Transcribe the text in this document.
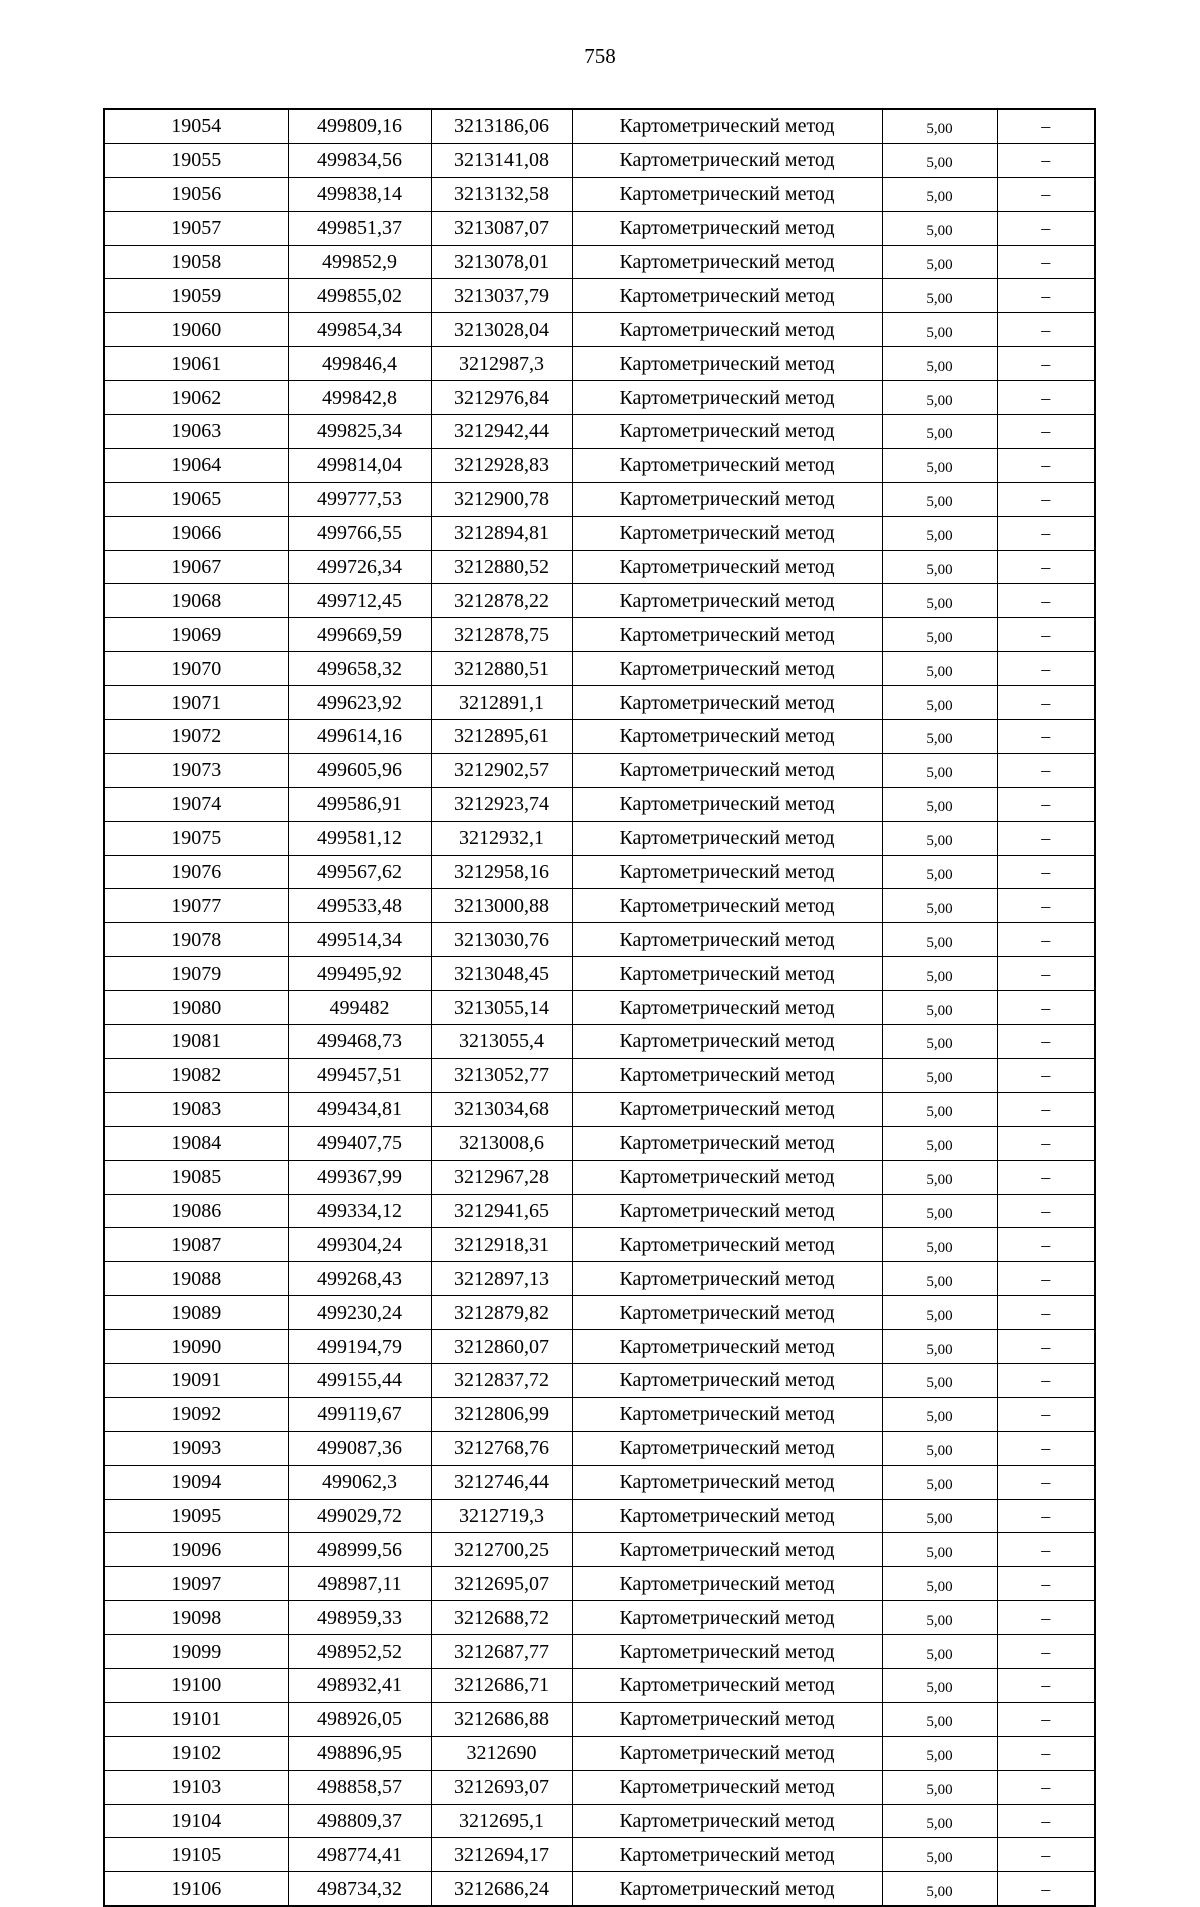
758
19054	499809,16	3213186,06	Картометрический метод	5,00	–
19055	499834,56	3213141,08	Картометрический метод	5,00	–
19056	499838,14	3213132,58	Картометрический метод	5,00	–
19057	499851,37	3213087,07	Картометрический метод	5,00	–
19058	499852,9	3213078,01	Картометрический метод	5,00	–
19059	499855,02	3213037,79	Картометрический метод	5,00	–
19060	499854,34	3213028,04	Картометрический метод	5,00	–
19061	499846,4	3212987,3	Картометрический метод	5,00	–
19062	499842,8	3212976,84	Картометрический метод	5,00	–
19063	499825,34	3212942,44	Картометрический метод	5,00	–
19064	499814,04	3212928,83	Картометрический метод	5,00	–
19065	499777,53	3212900,78	Картометрический метод	5,00	–
19066	499766,55	3212894,81	Картометрический метод	5,00	–
19067	499726,34	3212880,52	Картометрический метод	5,00	–
19068	499712,45	3212878,22	Картометрический метод	5,00	–
19069	499669,59	3212878,75	Картометрический метод	5,00	–
19070	499658,32	3212880,51	Картометрический метод	5,00	–
19071	499623,92	3212891,1	Картометрический метод	5,00	–
19072	499614,16	3212895,61	Картометрический метод	5,00	–
19073	499605,96	3212902,57	Картометрический метод	5,00	–
19074	499586,91	3212923,74	Картометрический метод	5,00	–
19075	499581,12	3212932,1	Картометрический метод	5,00	–
19076	499567,62	3212958,16	Картометрический метод	5,00	–
19077	499533,48	3213000,88	Картометрический метод	5,00	–
19078	499514,34	3213030,76	Картометрический метод	5,00	–
19079	499495,92	3213048,45	Картометрический метод	5,00	–
19080	499482	3213055,14	Картометрический метод	5,00	–
19081	499468,73	3213055,4	Картометрический метод	5,00	–
19082	499457,51	3213052,77	Картометрический метод	5,00	–
19083	499434,81	3213034,68	Картометрический метод	5,00	–
19084	499407,75	3213008,6	Картометрический метод	5,00	–
19085	499367,99	3212967,28	Картометрический метод	5,00	–
19086	499334,12	3212941,65	Картометрический метод	5,00	–
19087	499304,24	3212918,31	Картометрический метод	5,00	–
19088	499268,43	3212897,13	Картометрический метод	5,00	–
19089	499230,24	3212879,82	Картометрический метод	5,00	–
19090	499194,79	3212860,07	Картометрический метод	5,00	–
19091	499155,44	3212837,72	Картометрический метод	5,00	–
19092	499119,67	3212806,99	Картометрический метод	5,00	–
19093	499087,36	3212768,76	Картометрический метод	5,00	–
19094	499062,3	3212746,44	Картометрический метод	5,00	–
19095	499029,72	3212719,3	Картометрический метод	5,00	–
19096	498999,56	3212700,25	Картометрический метод	5,00	–
19097	498987,11	3212695,07	Картометрический метод	5,00	–
19098	498959,33	3212688,72	Картометрический метод	5,00	–
19099	498952,52	3212687,77	Картометрический метод	5,00	–
19100	498932,41	3212686,71	Картометрический метод	5,00	–
19101	498926,05	3212686,88	Картометрический метод	5,00	–
19102	498896,95	3212690	Картометрический метод	5,00	–
19103	498858,57	3212693,07	Картометрический метод	5,00	–
19104	498809,37	3212695,1	Картометрический метод	5,00	–
19105	498774,41	3212694,17	Картометрический метод	5,00	–
19106	498734,32	3212686,24	Картометрический метод	5,00	–
